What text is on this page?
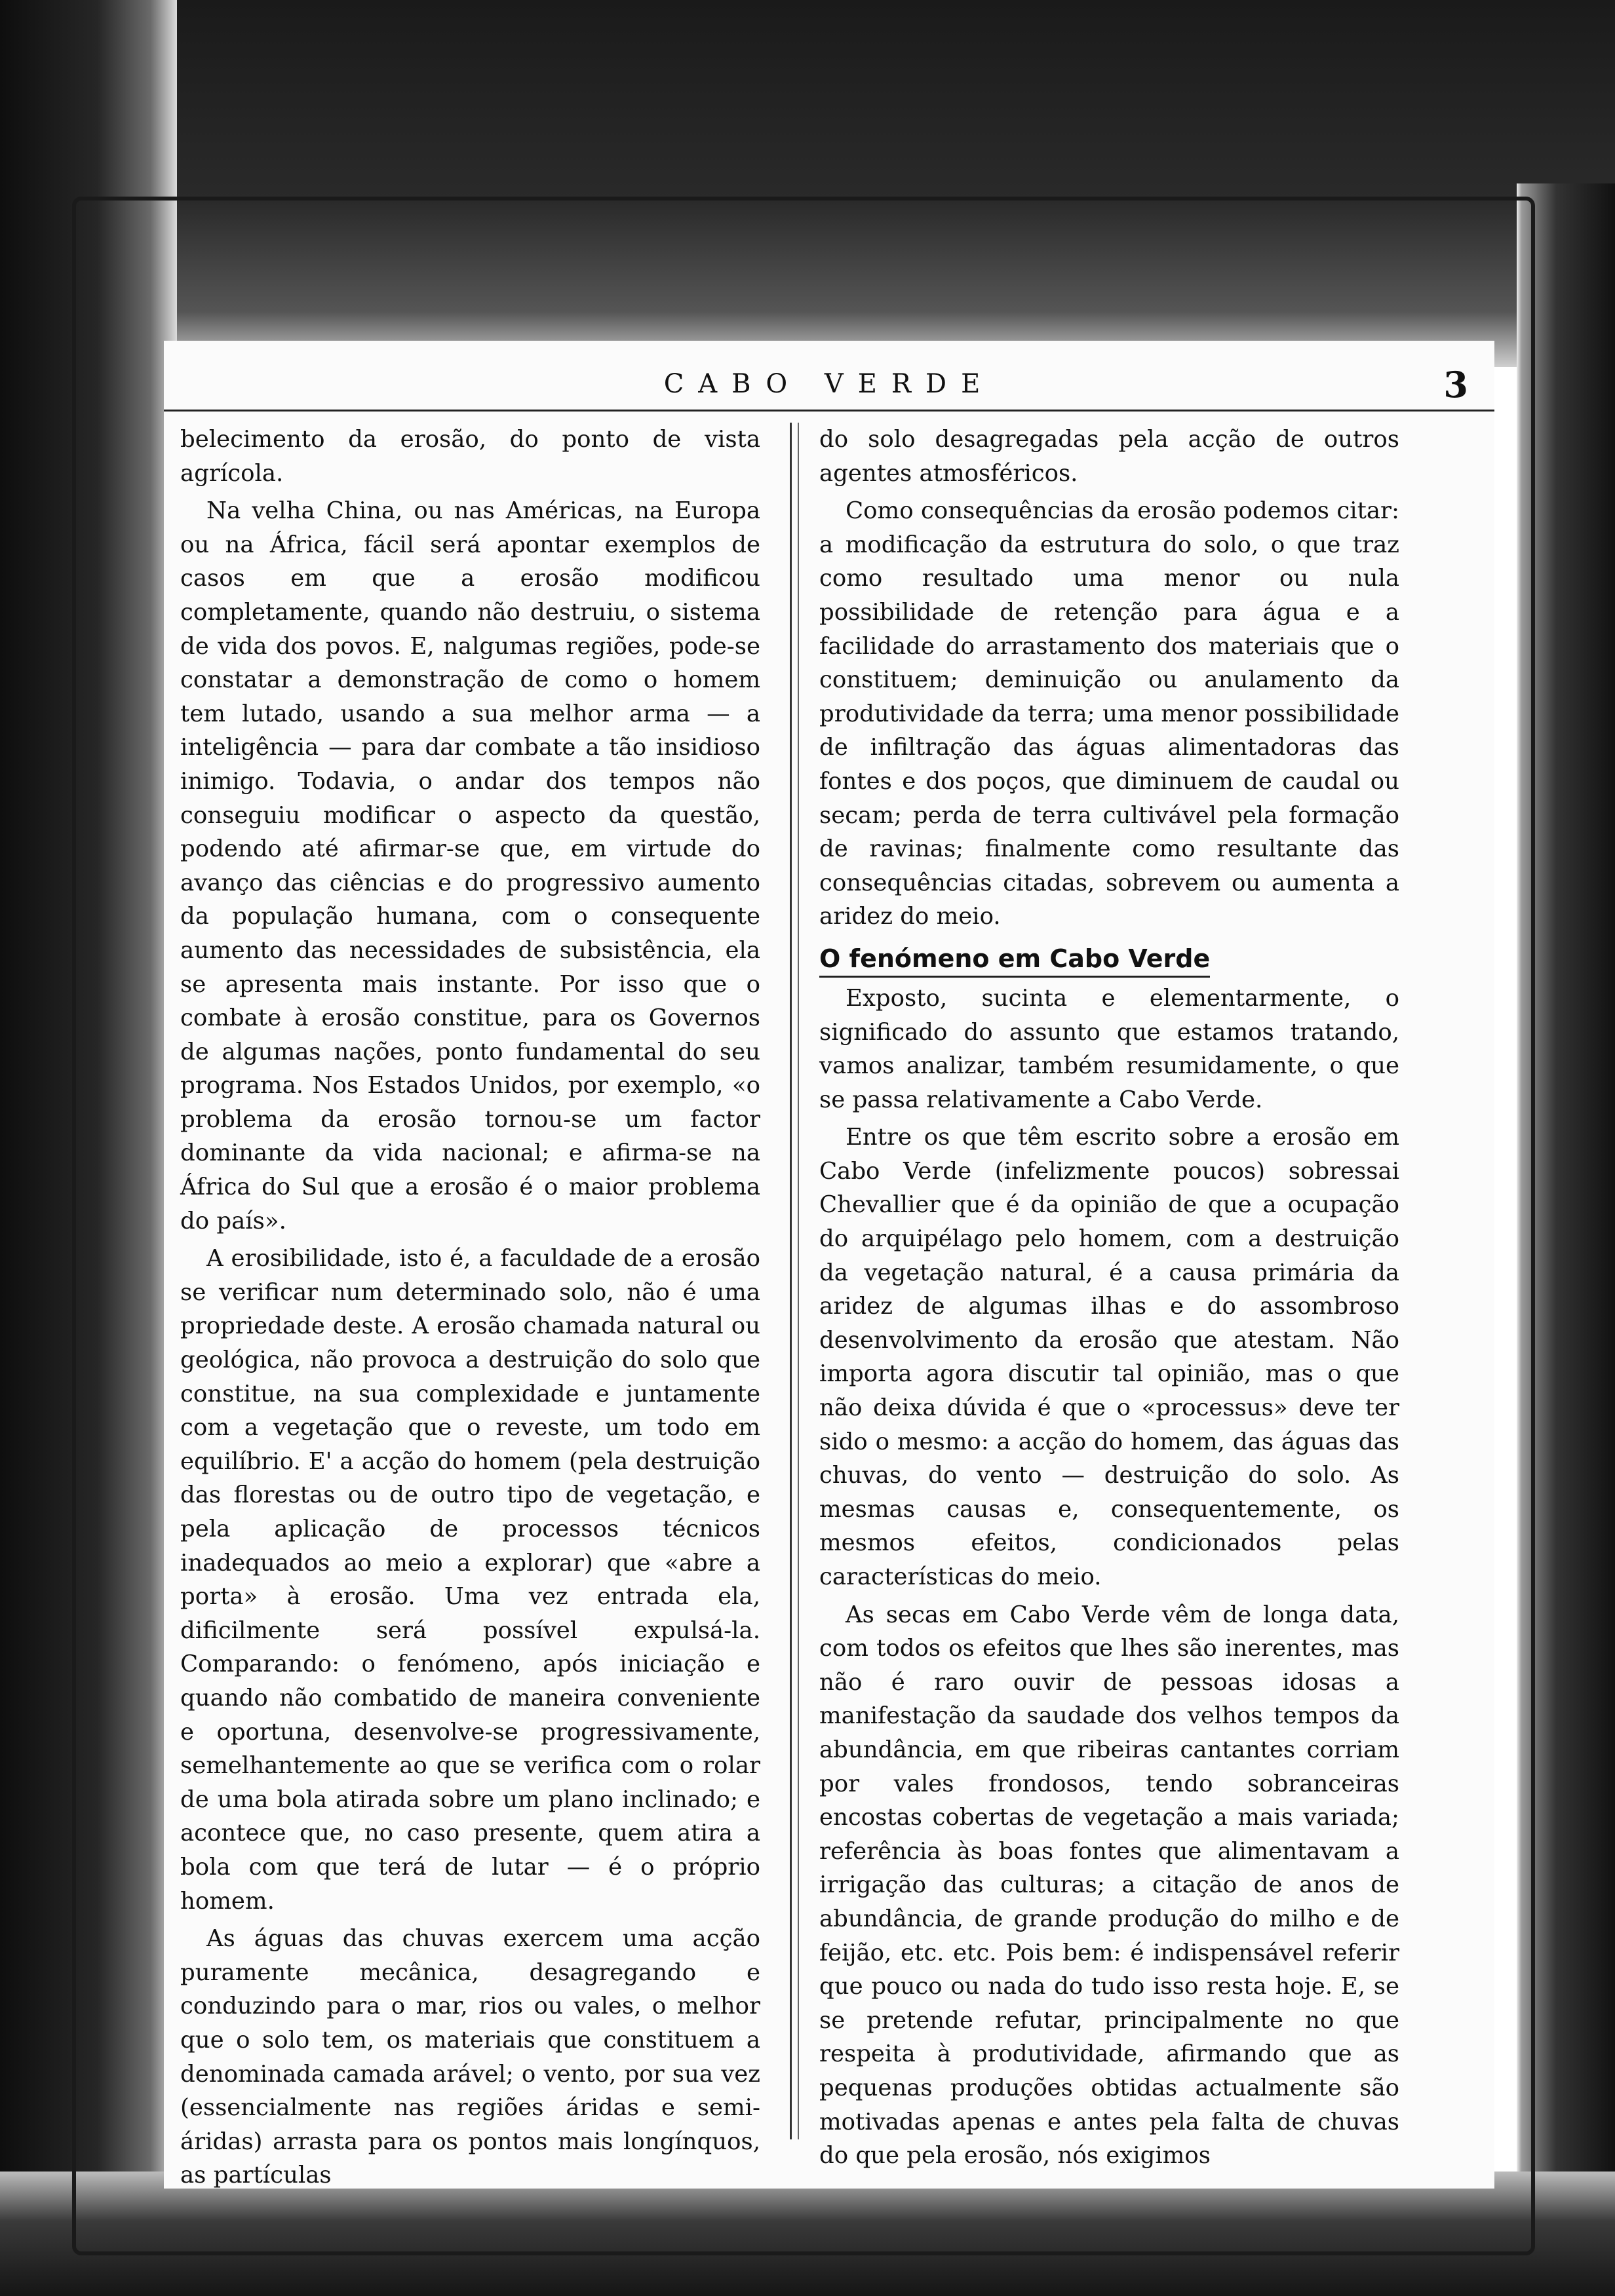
CABO VERDE	3

belecimento da erosão, do ponto de vista agrícola.

Na velha China, ou nas Américas, na Europa ou na África, fácil será apontar exemplos de casos em que a erosão modificou completamente, quando não destruiu, o sistema de vida dos povos. E, nalgumas regiões, pode-se constatar a demonstração de como o homem tem lutado, usando a sua melhor arma — a inteligência — para dar combate a tão insidioso inimigo. Todavia, o andar dos tempos não conseguiu modificar o aspecto da questão, podendo até afirmar-se que, em virtude do avanço das ciências e do progressivo aumento da população humana, com o consequente aumento das necessidades de subsistência, ela se apresenta mais instante. Por isso que o combate à erosão constitue, para os Governos de algumas nações, ponto fundamental do seu programa. Nos Estados Unidos, por exemplo, «o problema da erosão tornou-se um factor dominante da vida nacional; e afirma-se na África do Sul que a erosão é o maior problema do país».

A erosibilidade, isto é, a faculdade de a erosão se verificar num determinado solo, não é uma propriedade deste. A erosão chamada natural ou geológica, não provoca a destruição do solo que constitue, na sua complexidade e juntamente com a vegetação que o reveste, um todo em equilíbrio. E' a acção do homem (pela destruição das florestas ou de outro tipo de vegetação, e pela aplicação de processos técnicos inadequados ao meio a explorar) que «abre a porta» à erosão. Uma vez entrada ela, dificilmente será possível expulsá-la. Comparando: o fenómeno, após iniciação e quando não combatido de maneira conveniente e oportuna, desenvolve-se progressivamente, semelhantemente ao que se verifica com o rolar de uma bola atirada sobre um plano inclinado; e acontece que, no caso presente, quem atira a bola com que terá de lutar — é o próprio homem.

As águas das chuvas exercem uma acção puramente mecânica, desagregando e conduzindo para o mar, rios ou vales, o melhor que o solo tem, os materiais que constituem a denominada camada arável; o vento, por sua vez (essencialmente nas regiões áridas e semi-áridas) arrasta para os pontos mais longínquos, as partículas

do solo desagregadas pela acção de outros agentes atmosféricos.

Como consequências da erosão podemos citar: a modificação da estrutura do solo, o que traz como resultado uma menor ou nula possibilidade de retenção para água e a facilidade do arrastamento dos materiais que o constituem; deminuição ou anulamento da produtividade da terra; uma menor possibilidade de infiltração das águas alimentadoras das fontes e dos poços, que diminuem de caudal ou secam; perda de terra cultivável pela formação de ravinas; finalmente como resultante das consequências citadas, sobrevem ou aumenta a aridez do meio.

O fenómeno em Cabo Verde

Exposto, sucinta e elementarmente, o significado do assunto que estamos tratando, vamos analizar, também resumidamente, o que se passa relativamente a Cabo Verde.

Entre os que têm escrito sobre a erosão em Cabo Verde (infelizmente poucos) sobressai Chevallier que é da opinião de que a ocupação do arquipélago pelo homem, com a destruição da vegetação natural, é a causa primária da aridez de algumas ilhas e do assombroso desenvolvimento da erosão que atestam. Não importa agora discutir tal opinião, mas o que não deixa dúvida é que o «processus» deve ter sido o mesmo: a acção do homem, das águas das chuvas, do vento — destruição do solo. As mesmas causas e, consequentemente, os mesmos efeitos, condicionados pelas características do meio.

As secas em Cabo Verde vêm de longa data, com todos os efeitos que lhes são inerentes, mas não é raro ouvir de pessoas idosas a manifestação da saudade dos velhos tempos da abundância, em que ribeiras cantantes corriam por vales frondosos, tendo sobranceiras encostas cobertas de vegetação a mais variada; referência às boas fontes que alimentavam a irrigação das culturas; a citação de anos de abundância, de grande produção do milho e de feijão, etc. etc. Pois bem: é indispensável referir que pouco ou nada do tudo isso resta hoje. E, se se pretende refutar, principalmente no que respeita à produtividade, afirmando que as pequenas produções obtidas actualmente são motivadas apenas e antes pela falta de chuvas do que pela erosão, nós exigimos
